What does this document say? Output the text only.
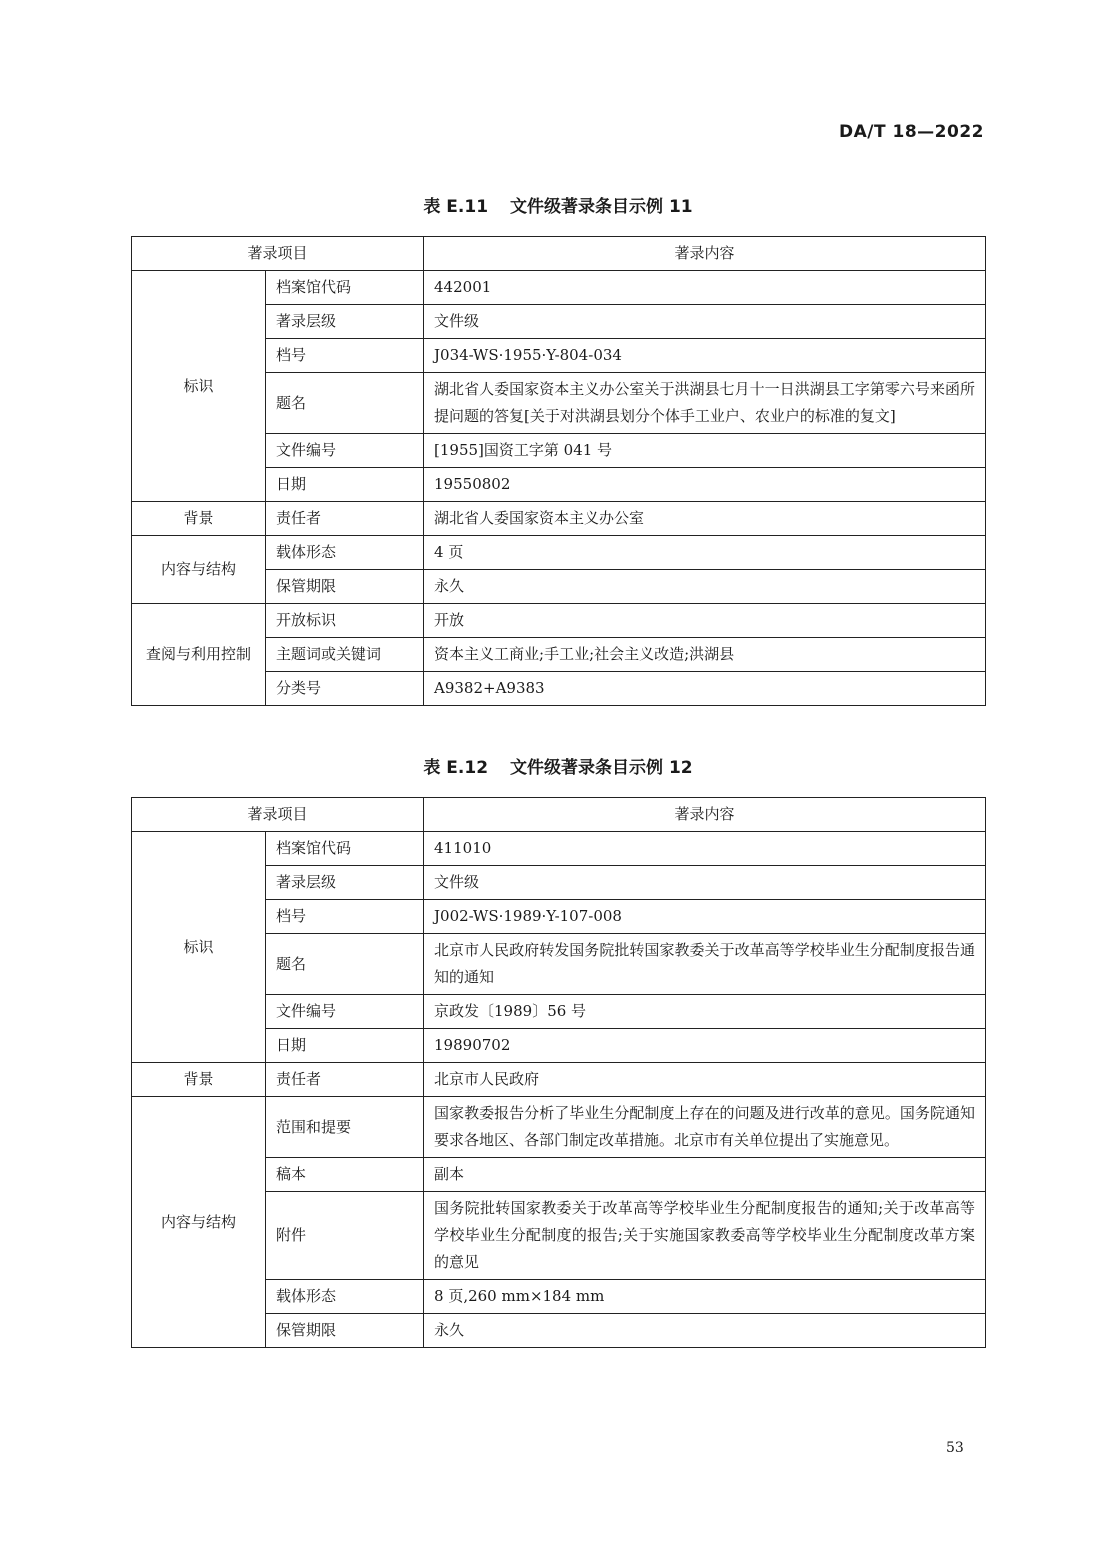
DA/T 18—2022
表 E.11 文件级著录条目示例 11
著录项目		著录内容
标识	档案馆代码	442001
	著录层级	文件级
	档号	J034-WS·1955·Y-804-034
	题名	湖北省人委国家资本主义办公室关于洪湖县七月十一日洪湖县工字第零六号来函所提问题的答复[关于对洪湖县划分个体手工业户、农业户的标准的复文]
	文件编号	[1955]国资工字第 041 号
	日期	19550802
背景	责任者	湖北省人委国家资本主义办公室
内容与结构	载体形态	4 页
	保管期限	永久
查阅与利用控制	开放标识	开放
	主题词或关键词	资本主义工商业;手工业;社会主义改造;洪湖县
	分类号	A9382+A9383
表 E.12 文件级著录条目示例 12
著录项目		著录内容
标识	档案馆代码	411010
	著录层级	文件级
	档号	J002-WS·1989·Y-107-008
	题名	北京市人民政府转发国务院批转国家教委关于改革高等学校毕业生分配制度报告通知的通知
	文件编号	京政发〔1989〕56 号
	日期	19890702
背景	责任者	北京市人民政府
内容与结构	范围和提要	国家教委报告分析了毕业生分配制度上存在的问题及进行改革的意见。国务院通知要求各地区、各部门制定改革措施。北京市有关单位提出了实施意见。
	稿本	副本
	附件	国务院批转国家教委关于改革高等学校毕业生分配制度报告的通知;关于改革高等学校毕业生分配制度的报告;关于实施国家教委高等学校毕业生分配制度改革方案的意见
	载体形态	8 页,260 mm×184 mm
	保管期限	永久
53
